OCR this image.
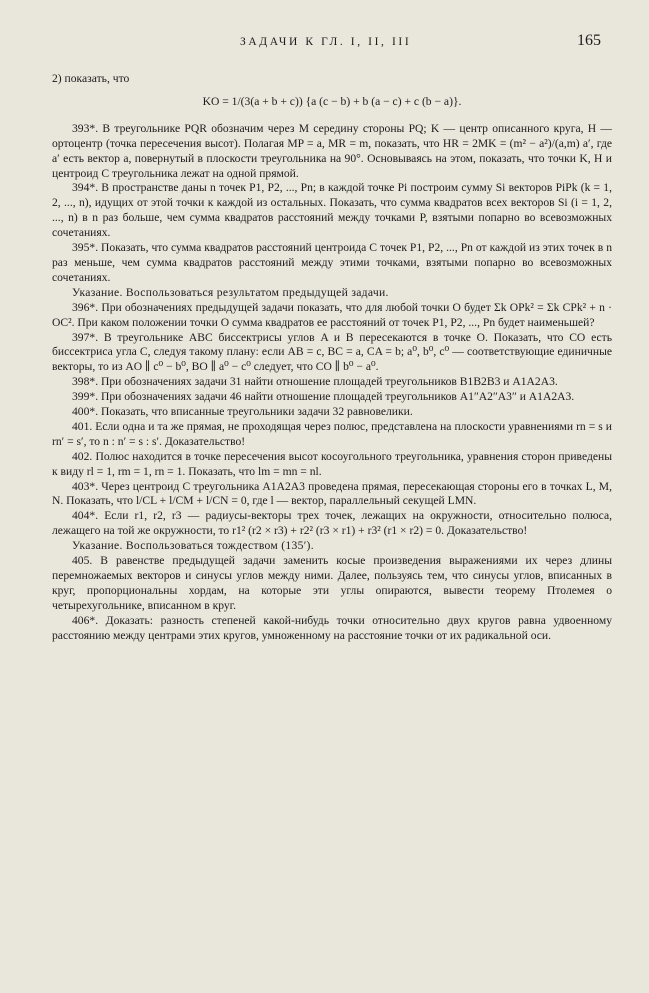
ЗАДАЧИ К ГЛ. I, II, III	165

2) показать, что

KO = 1/(3(a + b + c)) {a (c − b) + b (a − c) + c (b − a)}.

393*. В треугольнике PQR обозначим через M середину стороны PQ; K — центр описанного круга, H — ортоцентр (точка пересечения высот). Полагая MP = a, MR = m, показать, что HR = 2MK = (m² − a²)/(a,m) a′, где a′ есть вектор a, повернутый в плоскости треугольника на 90°. Основываясь на этом, показать, что точки K, H и центроид C треугольника лежат на одной прямой.

394*. В пространстве даны n точек P1, P2, ..., Pn; в каждой точке Pi построим сумму Si векторов PiPk (k = 1, 2, ..., n), идущих от этой точки к каждой из остальных. Показать, что сумма квадратов всех векторов Si (i = 1, 2, ..., n) в n раз больше, чем сумма квадратов расстояний между точками P, взятыми попарно во всевозможных сочетаниях.

395*. Показать, что сумма квадратов расстояний центроида C точек P1, P2, ..., Pn от каждой из этих точек в n раз меньше, чем сумма квадратов расстояний между этими точками, взятыми попарно во всевозможных сочетаниях.

Указание. Воспользоваться результатом предыдущей задачи.

396*. При обозначениях предыдущей задачи показать, что для любой точки O будет Σk OPk² = Σk CPk² + n · OC². При каком положении точки O сумма квадратов ее расстояний от точек P1, P2, ..., Pn будет наименьшей?

397*. В треугольнике ABC биссектрисы углов A и B пересекаются в точке O. Показать, что CO есть биссектриса угла C, следуя такому плану: если AB = c, BC = a, CA = b; a⁰, b⁰, c⁰ — соответствующие единичные векторы, то из AO ∥ c⁰ − b⁰, BO ∥ a⁰ − c⁰ следует, что CO ∥ b⁰ − a⁰.

398*. При обозначениях задачи 31 найти отношение площадей треугольников B1B2B3 и A1A2A3.

399*. При обозначениях задачи 46 найти отношение площадей треугольников A1″A2″A3″ и A1A2A3.

400*. Показать, что вписанные треугольники задачи 32 равновелики.

401. Если одна и та же прямая, не проходящая через полюс, представлена на плоскости уравнениями rn = s и rn′ = s′, то n : n′ = s : s′. Доказательство!

402. Полюс находится в точке пересечения высот косоугольного треугольника, уравнения сторон приведены к виду rl = 1, rm = 1, rn = 1. Показать, что lm = mn = nl.

403*. Через центроид C треугольника A1A2A3 проведена прямая, пересекающая стороны его в точках L, M, N. Показать, что l/CL + l/CM + l/CN = 0, где l — вектор, параллельный секущей LMN.

404*. Если r1, r2, r3 — радиусы-векторы трех точек, лежащих на окружности, относительно полюса, лежащего на той же окружности, то r1² (r2 × r3) + r2² (r3 × r1) + r3² (r1 × r2) = 0. Доказательство!

Указание. Воспользоваться тождеством (135′).

405. В равенстве предыдущей задачи заменить косые произведения выражениями их через длины перемножаемых векторов и синусы углов между ними. Далее, пользуясь тем, что синусы углов, вписанных в круг, пропорциональны хордам, на которые эти углы опираются, вывести теорему Птолемея о четырехугольнике, вписанном в круг.

406*. Доказать: разность степеней какой-нибудь точки относительно двух кругов равна удвоенному расстоянию между центрами этих кругов, умноженному на расстояние точки от их радикальной оси.
